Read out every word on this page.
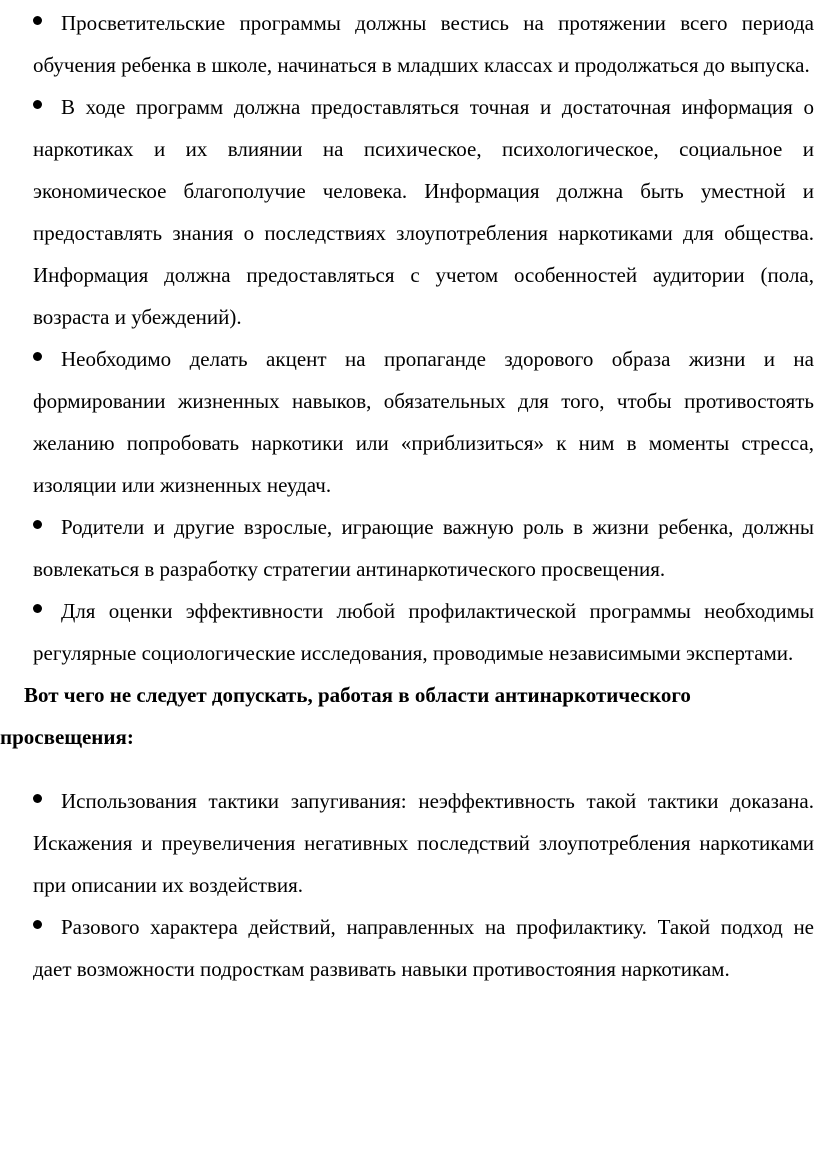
Просветительские программы должны вестись на протяжении всего периода обучения ребенка в школе, начинаться в младших классах и продолжаться до выпуска.
В ходе программ должна предоставляться точная и достаточная информация о наркотиках и их влиянии на психическое, психологическое, социальное и экономическое благополучие человека. Информация должна быть уместной и предоставлять знания о последствиях злоупотребления наркотиками для общества. Информация должна предоставляться с учетом особенностей аудитории (пола, возраста и убеждений).
Необходимо делать акцент на пропаганде здорового образа жизни и на формировании жизненных навыков, обязательных для того, чтобы противостоять желанию попробовать наркотики или «приблизиться» к ним в моменты стресса, изоляции или жизненных неудач.
Родители и другие взрослые, играющие важную роль в жизни ребенка, должны вовлекаться в разработку стратегии антинаркотического просвещения.
Для оценки эффективности любой профилактической программы необходимы регулярные социологические исследования, проводимые независимыми экспертами.

Вот чего не следует допускать, работая в области антинаркотического
просвещения:

Использования тактики запугивания: неэффективность такой тактики доказана. Искажения и преувеличения негативных последствий злоупотребления наркотиками при описании их воздействия.
Разового характера действий, направленных на профилактику. Такой подход не дает возможности подросткам развивать навыки противостояния наркотикам.
